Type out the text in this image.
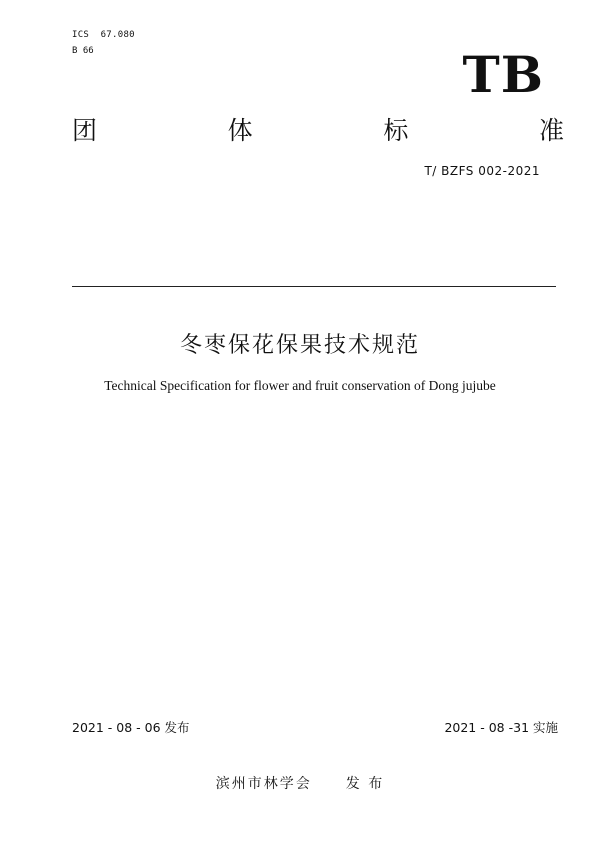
ICS  67.080
B 66	TB
团	体	标	准
T/ BZFS 002-2021
冬枣保花保果技术规范
Technical Specification for flower and fruit conservation of Dong jujube
2021 - 08 - 06 发布	2021 - 08 -31 实施
滨州市林学会 发 布
